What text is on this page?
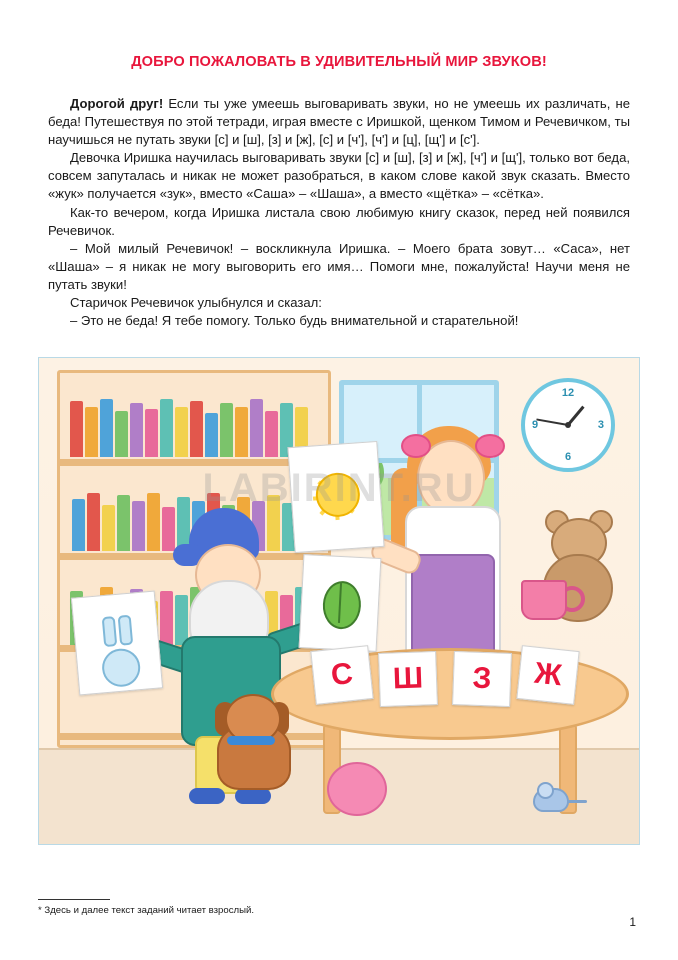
ДОБРО ПОЖАЛОВАТЬ В УДИВИТЕЛЬНЫЙ МИР ЗВУКОВ!

Дорогой друг! Если ты уже умеешь выговаривать звуки, но не умеешь их различать, не беда! Путешествуя по этой тетради, играя вместе с Иришкой, щенком Тимом и Речевичком, ты научишься не путать звуки [с] и [ш], [з] и [ж], [с] и [ч'], [ч'] и [ц], [щ'] и [с'].

Девочка Иришка научилась выговаривать звуки [с] и [ш], [з] и [ж], [ч'] и [щ'], только вот беда, совсем запуталась и никак не может разобраться, в каком слове какой звук сказать. Вместо «жук» получается «зук», вместо «Саша» – «Шаша», а вместо «щётка» – «сётка».

Как-то вечером, когда Иришка листала свою любимую книгу сказок, перед ней появился Речевичок.

– Мой милый Речевичок! – воскликнула Иришка. – Моего брата зовут… «Саса», нет «Шаша» – я никак не могу выговорить его имя… Помоги мне, пожалуйста! Научи меня не путать звуки!

Старичок Речевичок улыбнулся и сказал:

– Это не беда! Я тебе помогу. Только будь внимательной и старательной!

12
3
6
9
С	Ш	З	Ж
LABIRINT.RU
* Здесь и далее текст заданий читает взрослый.
1
